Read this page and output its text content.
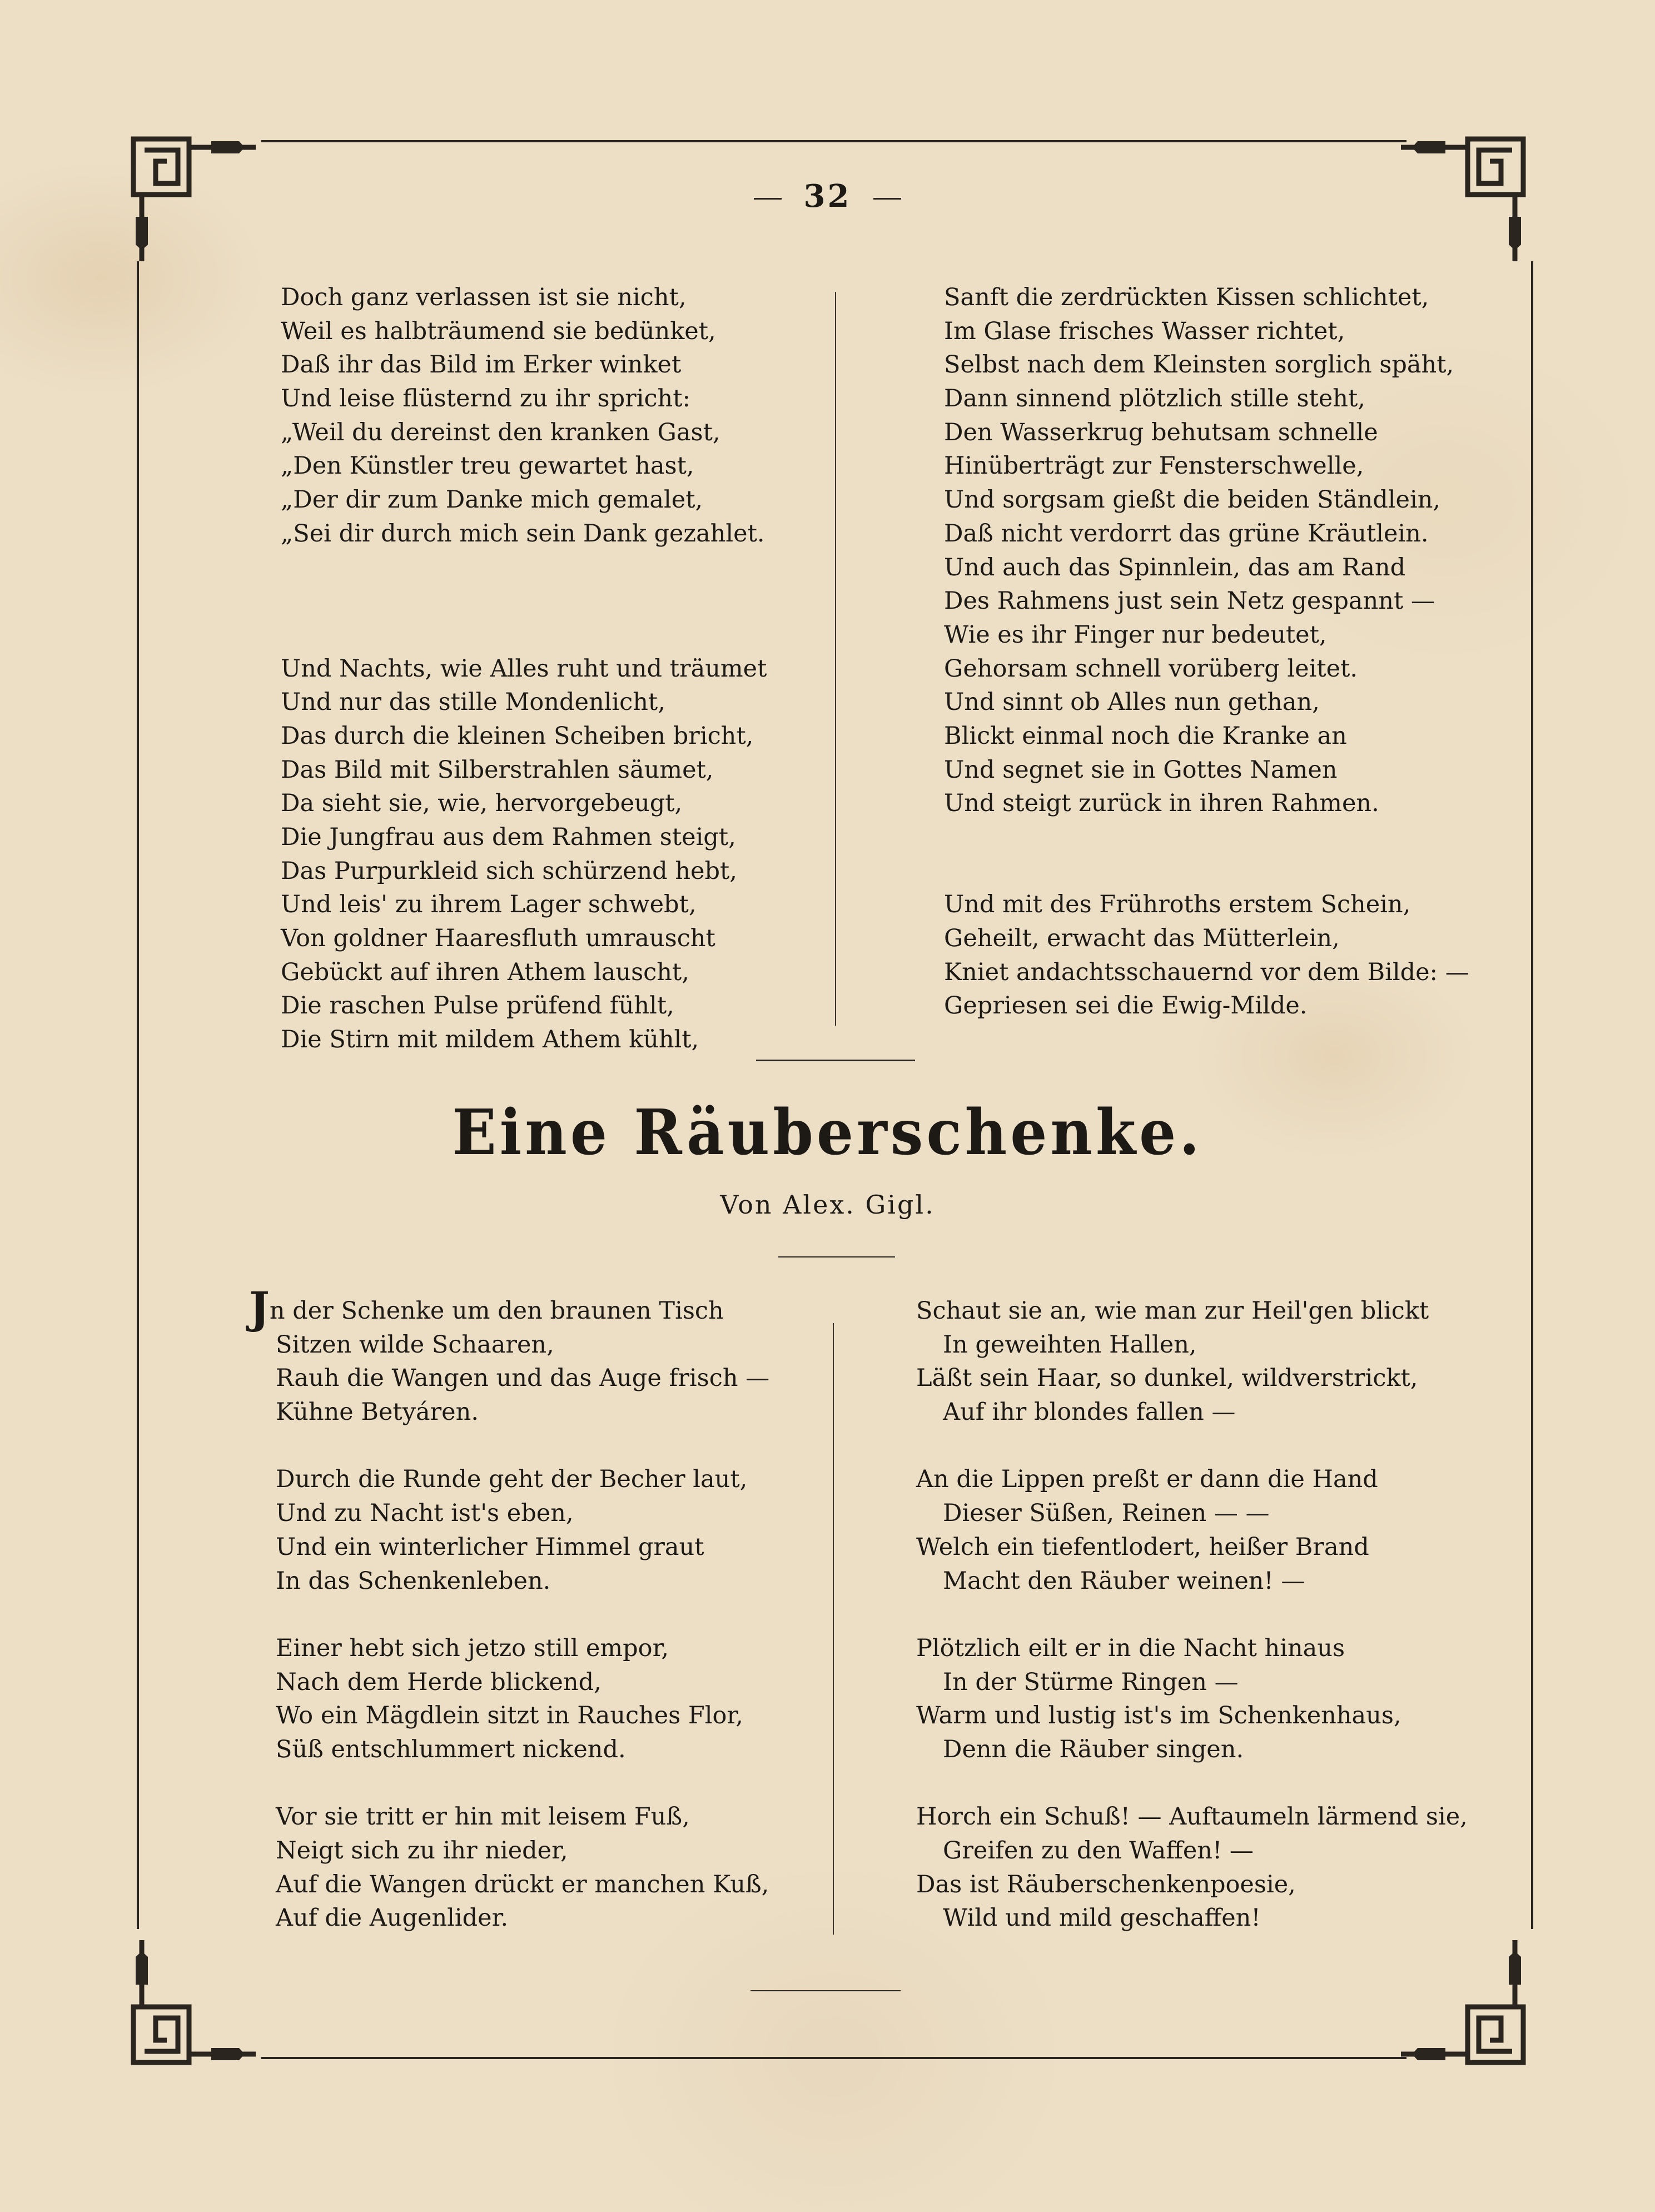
32
Doch ganz verlassen ist sie nicht,
Weil es halbträumend sie bedünket,
Daß ihr das Bild im Erker winket
Und leise flüsternd zu ihr spricht:
„Weil du dereinst den kranken Gast,
„Den Künstler treu gewartet hast,
„Der dir zum Danke mich gemalet,
„Sei dir durch mich sein Dank gezahlet.
Und Nachts, wie Alles ruht und träumet
Und nur das stille Mondenlicht,
Das durch die kleinen Scheiben bricht,
Das Bild mit Silberstrahlen säumet,
Da sieht sie, wie, hervorgebeugt,
Die Jungfrau aus dem Rahmen steigt,
Das Purpurkleid sich schürzend hebt,
Und leis' zu ihrem Lager schwebt,
Von goldner Haaresfluth umrauscht
Gebückt auf ihren Athem lauscht,
Die raschen Pulse prüfend fühlt,
Die Stirn mit mildem Athem kühlt,
Sanft die zerdrückten Kissen schlichtet,
Im Glase frisches Wasser richtet,
Selbst nach dem Kleinsten sorglich späht,
Dann sinnend plötzlich stille steht,
Den Wasserkrug behutsam schnelle
Hinüberträgt zur Fensterschwelle,
Und sorgsam gießt die beiden Ständlein,
Daß nicht verdorrt das grüne Kräutlein.
Und auch das Spinnlein, das am Rand
Des Rahmens just sein Netz gespannt —
Wie es ihr Finger nur bedeutet,
Gehorsam schnell vorüberg leitet.
Und sinnt ob Alles nun gethan,
Blickt einmal noch die Kranke an
Und segnet sie in Gottes Namen
Und steigt zurück in ihren Rahmen.
Und mit des Frühroths erstem Schein,
Geheilt, erwacht das Mütterlein,
Kniet andachtsschauernd vor dem Bilde: —
Gepriesen sei die Ewig-Milde.
Eine Räuberschenke.
Von Alex. Gigl.
Jn der Schenke um den braunen Tisch
Sitzen wilde Schaaren,
Rauh die Wangen und das Auge frisch —
Kühne Betyáren.
Durch die Runde geht der Becher laut,
Und zu Nacht ist's eben,
Und ein winterlicher Himmel graut
In das Schenkenleben.
Einer hebt sich jetzo still empor,
Nach dem Herde blickend,
Wo ein Mägdlein sitzt in Rauches Flor,
Süß entschlummert nickend.
Vor sie tritt er hin mit leisem Fuß,
Neigt sich zu ihr nieder,
Auf die Wangen drückt er manchen Kuß,
Auf die Augenlider.
Schaut sie an, wie man zur Heil'gen blickt
In geweihten Hallen,
Läßt sein Haar, so dunkel, wildverstrickt,
Auf ihr blondes fallen —
An die Lippen preßt er dann die Hand
Dieser Süßen, Reinen — —
Welch ein tiefentlodert, heißer Brand
Macht den Räuber weinen! —
Plötzlich eilt er in die Nacht hinaus
In der Stürme Ringen —
Warm und lustig ist's im Schenkenhaus,
Denn die Räuber singen.
Horch ein Schuß! — Auftaumeln lärmend sie,
Greifen zu den Waffen! —
Das ist Räuberschenkenpoesie,
Wild und mild geschaffen!
